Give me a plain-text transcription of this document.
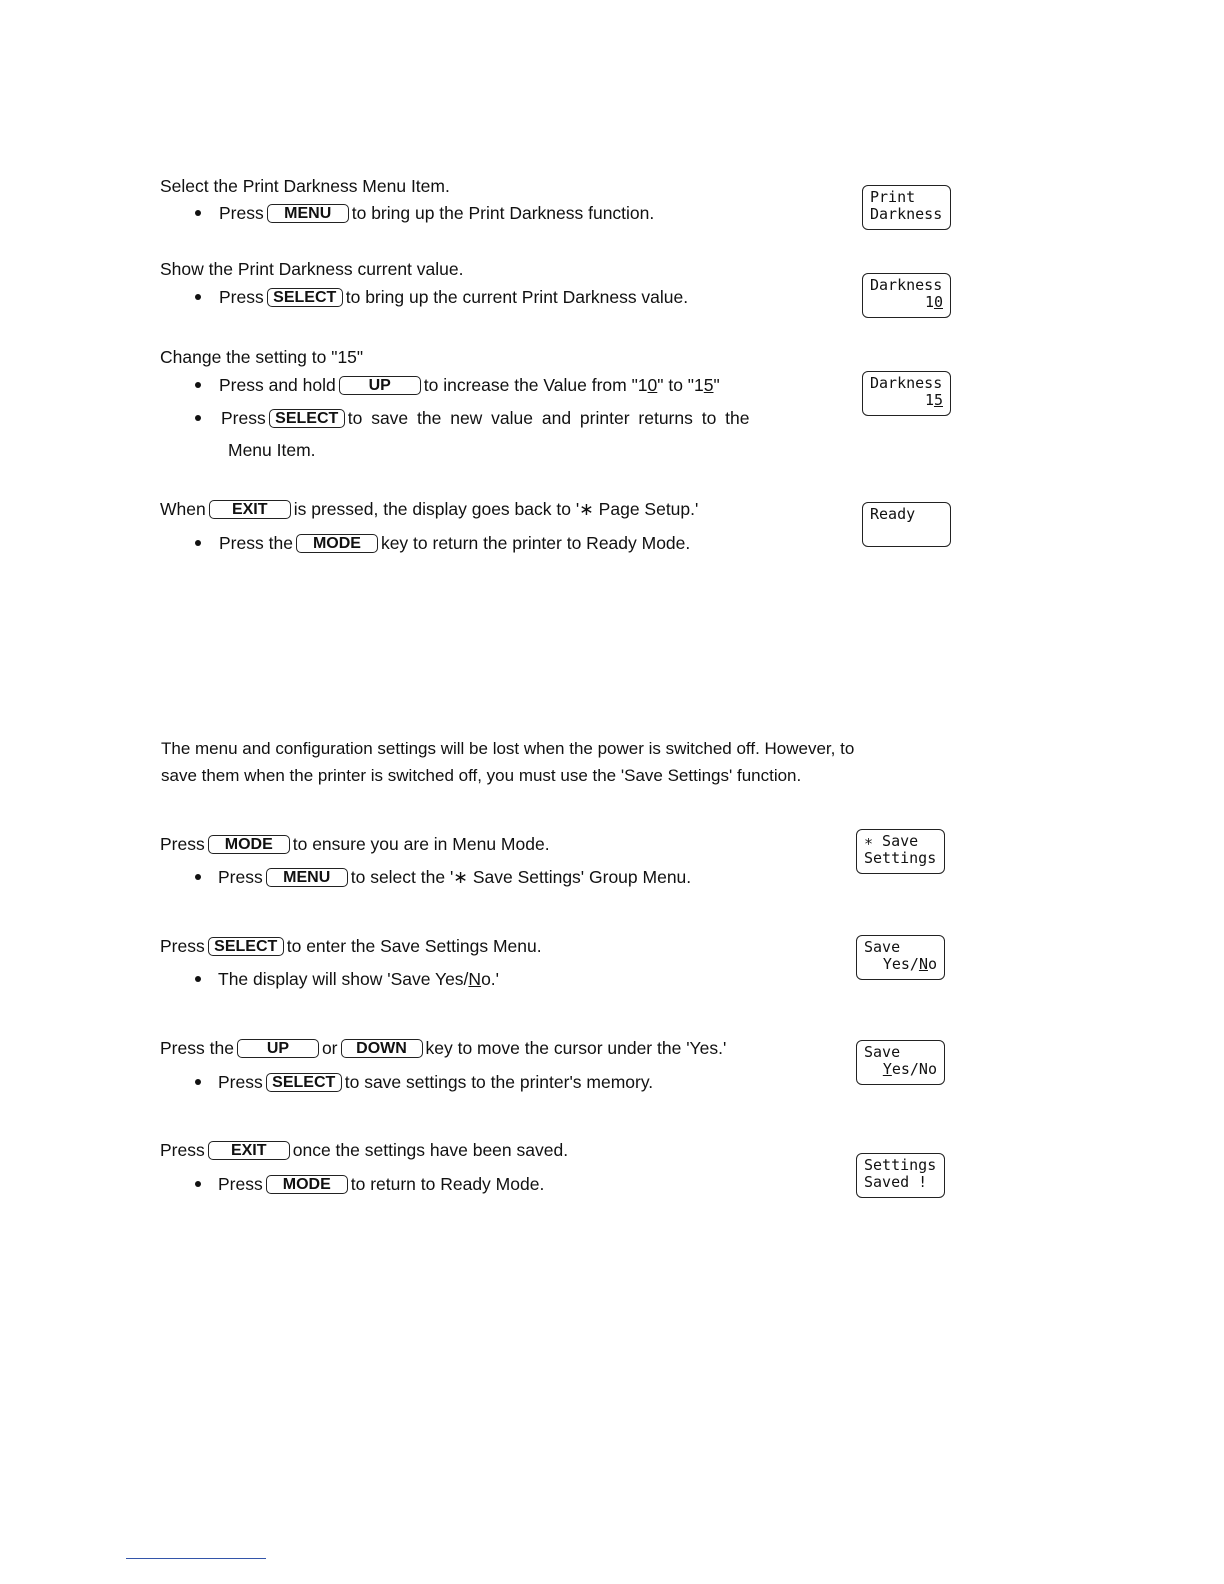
Select the Print Darkness Menu Item.
Press MENU to bring up the Print Darkness function.
Print
Darkness
Show the Print Darkness current value.
Press SELECT to bring up the current Print Darkness value.
Darkness
10
Change the setting to "15"
Press and hold UP to increase the Value from "10" to "15"
Press SELECT to save the new value and printer returns to the
Menu Item.
Darkness
15
When EXIT is pressed, the display goes back to '∗ Page Setup.'
Press the MODE key to return the printer to Ready Mode.
Ready
The menu and configuration settings will be lost when the power is switched off. However, to
save them when the printer is switched off, you must use the 'Save Settings' function.
Press MODE to ensure you are in Menu Mode.
Press MENU to select the '∗ Save Settings' Group Menu.
∗ Save
Settings
Press SELECT to enter the Save Settings Menu.
The display will show 'Save Yes/No.'
Save
Yes/No
Press the UP or DOWN key to move the cursor under the 'Yes.'
Press SELECT to save settings to the printer's memory.
Save
Yes/No
Press EXIT once the settings have been saved.
Press MODE to return to Ready Mode.
Settings
Saved !
